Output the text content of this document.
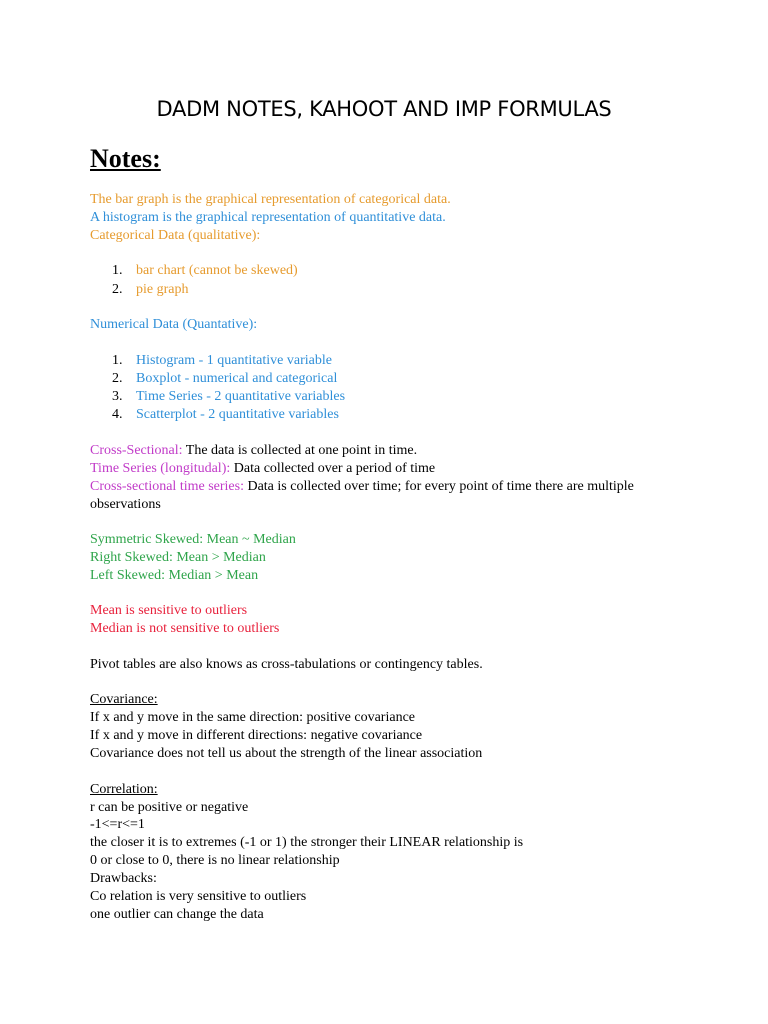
DADM NOTES, KAHOOT AND IMP FORMULAS
Notes:
The bar graph is the graphical representation of categorical data.
A histogram is the graphical representation of quantitative data.
Categorical Data (qualitative):
1. bar chart (cannot be skewed)
2. pie graph
Numerical Data (Quantative):
1. Histogram - 1 quantitative variable
2. Boxplot - numerical and categorical
3. Time Series - 2 quantitative variables
4. Scatterplot - 2 quantitative variables
Cross-Sectional: The data is collected at one point in time.
Time Series (longitudal): Data collected over a period of time
Cross-sectional time series: Data is collected over time; for every point of time there are multiple
observations
Symmetric Skewed: Mean ~ Median
Right Skewed: Mean > Median
Left Skewed: Median > Mean
Mean is sensitive to outliers
Median is not sensitive to outliers
Pivot tables are also knows as cross-tabulations or contingency tables.
Covariance:
If x and y move in the same direction: positive covariance
If x and y move in different directions: negative covariance
Covariance does not tell us about the strength of the linear association
Correlation:
r can be positive or negative
-1<=r<=1
the closer it is to extremes (-1 or 1) the stronger their LINEAR relationship is
0 or close to 0, there is no linear relationship
Drawbacks:
Co relation is very sensitive to outliers
one outlier can change the data
